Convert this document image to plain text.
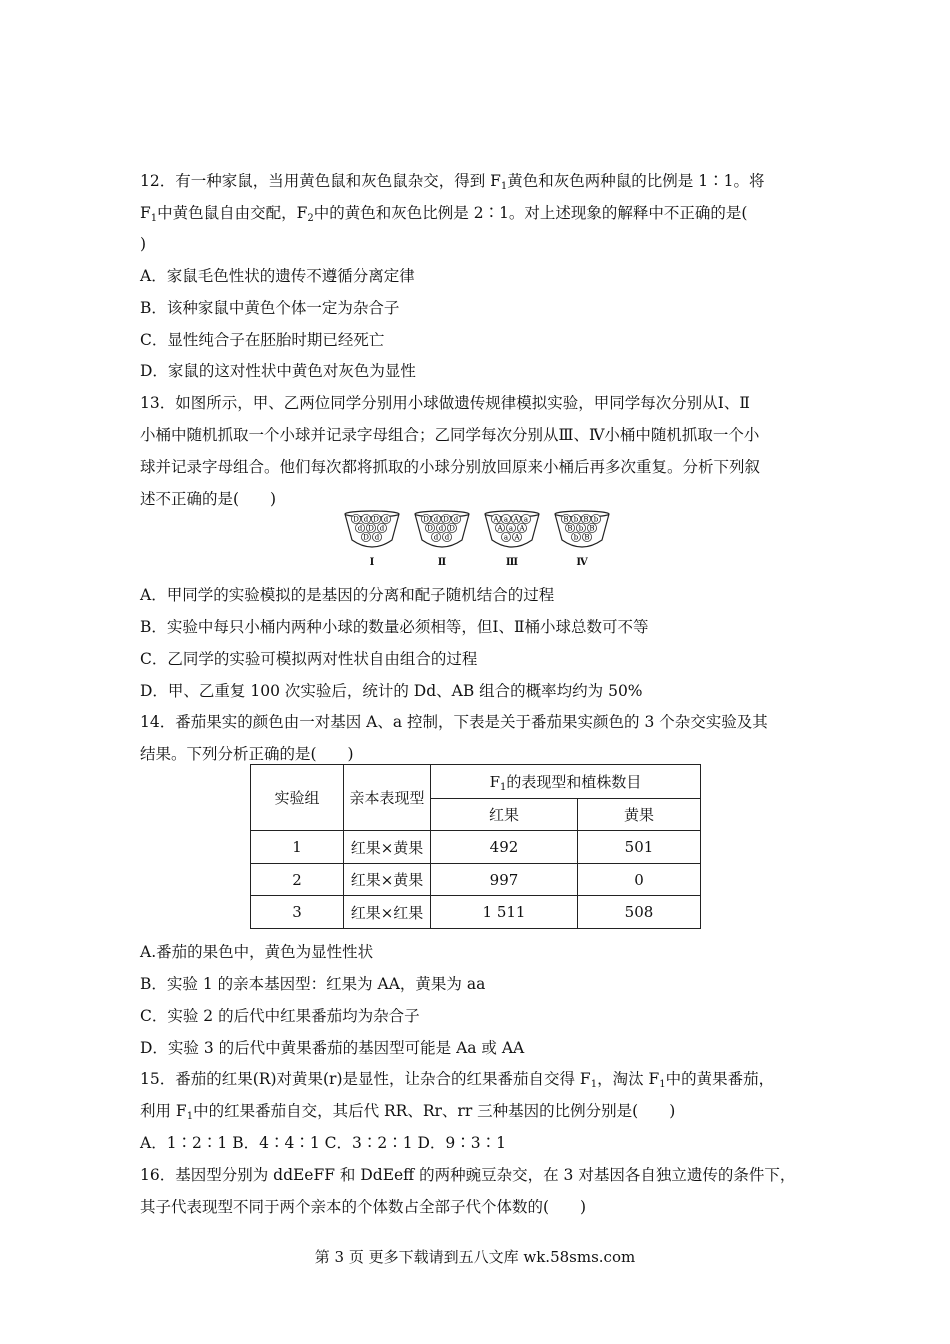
12．有一种家鼠，当用黄色鼠和灰色鼠杂交，得到 $F_1$黄色和灰色两种鼠的比例是 1∶1。将
$F_1$中黄色鼠自由交配，$F_2$中的黄色和灰色比例是 2∶1。对上述现象的解释中不正确的是(
)
A．家鼠毛色性状的遗传不遵循分离定律
B．该种家鼠中黄色个体一定为杂合子
C．显性纯合子在胚胎时期已经死亡
D．家鼠的这对性状中黄色对灰色为显性
13．如图所示，甲、乙两位同学分别用小球做遗传规律模拟实验，甲同学每次分别从Ⅰ、Ⅱ
小桶中随机抓取一个小球并记录字母组合；乙同学每次分别从Ⅲ、Ⅳ小桶中随机抓取一个小
球并记录字母组合。他们每次都将抓取的小球分别放回原来小桶后再多次重复。分析下列叙
述不正确的是(　　)
D d D d
d D d
D d
Ⅰ
D d D d
D d D
d d
Ⅱ
A a A a
A a A
a A
Ⅲ
B b B b
B b B
b B
Ⅳ
A．甲同学的实验模拟的是基因的分离和配子随机结合的过程
B．实验中每只小桶内两种小球的数量必须相等，但Ⅰ、Ⅱ桶小球总数可不等
C．乙同学的实验可模拟两对性状自由组合的过程
D．甲、乙重复 100 次实验后，统计的 Dd、AB 组合的概率均约为 50%
14．番茄果实的颜色由一对基因 A、a 控制，下表是关于番茄果实颜色的 3 个杂交实验及其
结果。下列分析正确的是(　　)
实验组	亲本表现型	$F_1$的表现型和植株数目	
		红果	黄果
1	红果×黄果	492	501
2	红果×黄果	997	0
3	红果×红果	1 511	508
A.番茄的果色中，黄色为显性性状
B．实验 1 的亲本基因型：红果为 AA，黄果为 aa
C．实验 2 的后代中红果番茄均为杂合子
D．实验 3 的后代中黄果番茄的基因型可能是 Aa 或 AA
15．番茄的红果(R)对黄果(r)是显性，让杂合的红果番茄自交得 $F_1$，淘汰 $F_1$中的黄果番茄，
利用 $F_1$中的红果番茄自交，其后代 RR、Rr、rr 三种基因的比例分别是(　　)
A．1∶2∶1 B．4∶4∶1 C．3∶2∶1 D．9∶3∶1
16．基因型分别为 ddEeFF 和 DdEeff 的两种豌豆杂交，在 3 对基因各自独立遗传的条件下，
其子代表现型不同于两个亲本的个体数占全部子代个体数的(　　)
第 3 页 更多下载请到五八文库 wk.58sms.com
